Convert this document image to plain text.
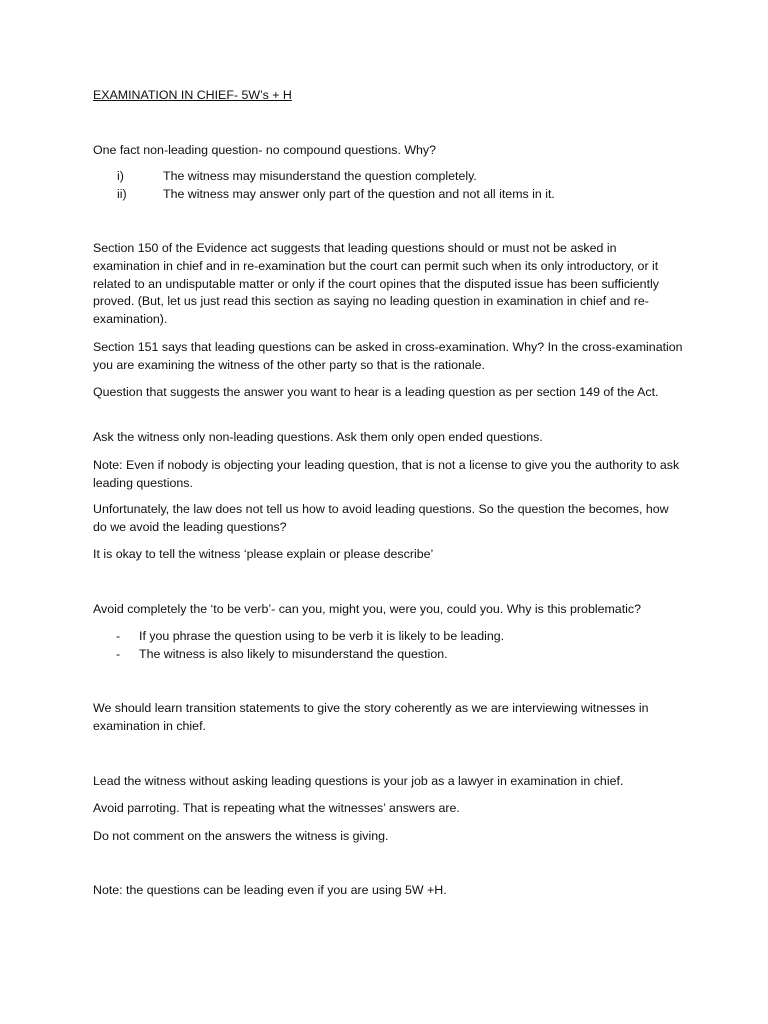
EXAMINATION IN CHIEF- 5W’s + H
One fact non-leading question- no compound questions. Why?
i)	The witness may misunderstand the question completely.
ii)	The witness may answer only part of the question and not all items in it.
Section 150 of the Evidence act suggests that leading questions should or must not be asked in examination in chief and in re-examination but the court can permit such when its only introductory, or it related to an undisputable matter or only if the court opines that the disputed issue has been sufficiently proved. (But, let us just read this section as saying no leading question in examination in chief and re-examination).
Section 151 says that leading questions can be asked in cross-examination. Why? In the cross-examination you are examining the witness of the other party so that is the rationale.
Question that suggests the answer you want to hear is a leading question as per section 149 of the Act.
Ask the witness only non-leading questions. Ask them only open ended questions.
Note: Even if nobody is objecting your leading question, that is not a license to give you the authority to ask leading questions.
Unfortunately, the law does not tell us how to avoid leading questions. So the question the becomes, how do we avoid the leading questions?
It is okay to tell the witness ‘please explain or please describe’
Avoid completely the ‘to be verb’- can you, might you, were you, could you. Why is this problematic?
- If you phrase the question using to be verb it is likely to be leading.
- The witness is also likely to misunderstand the question.
We should learn transition statements to give the story coherently as we are interviewing witnesses in examination in chief.
Lead the witness without asking leading questions is your job as a lawyer in examination in chief.
Avoid parroting. That is repeating what the witnesses’ answers are.
Do not comment on the answers the witness is giving.
Note: the questions can be leading even if you are using 5W +H.
